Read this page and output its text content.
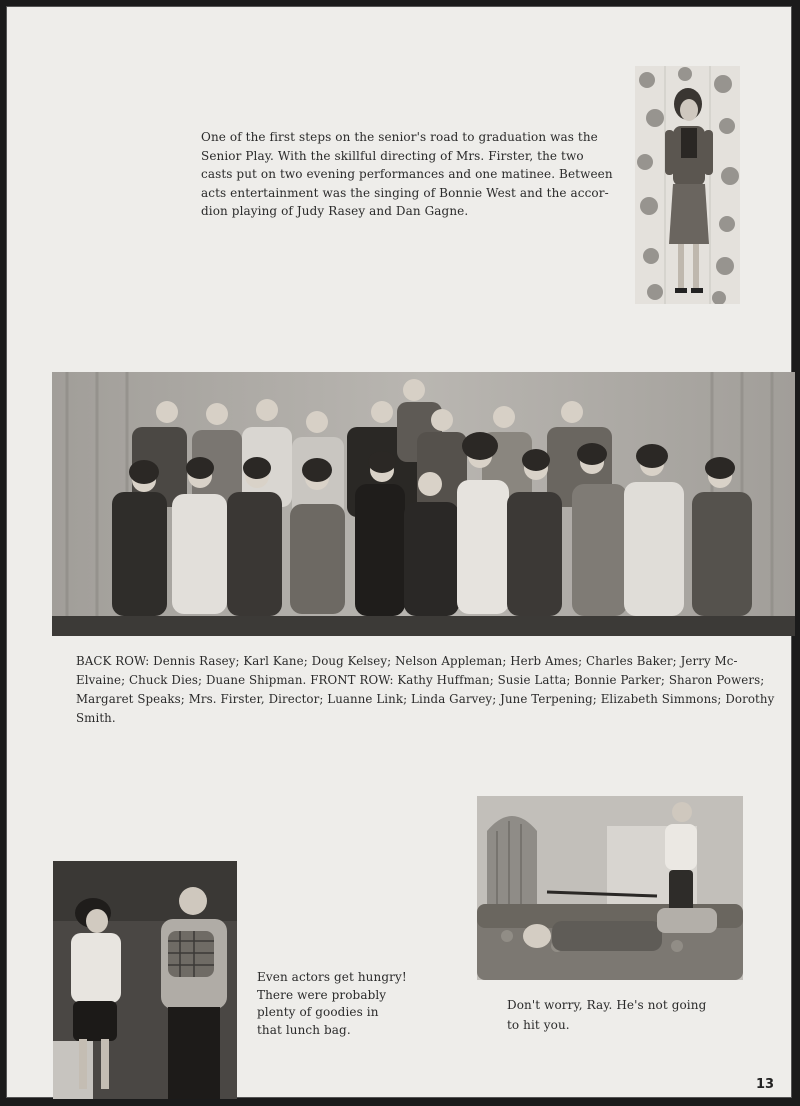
One of the first steps on the senior's road to graduation was the
Senior Play. With the skillful directing of Mrs. Firster, the two
casts put on two evening performances and one matinee. Between
acts entertainment was the singing of Bonnie West and the accor-
dion playing of Judy Rasey and Dan Gagne.
BACK ROW: Dennis Rasey; Karl Kane; Doug Kelsey; Nelson Appleman; Herb Ames; Charles Baker; Jerry Mc-
Elvaine; Chuck Dies; Duane Shipman. FRONT ROW: Kathy Huffman; Susie Latta; Bonnie Parker; Sharon Powers;
Margaret Speaks; Mrs. Firster, Director; Luanne Link; Linda Garvey; June Terpening; Elizabeth Simmons; Dorothy
Smith.
Even actors get hungry!
There were probably
plenty of goodies in
that lunch bag.
Don't worry, Ray. He's not going
to hit you.
13
